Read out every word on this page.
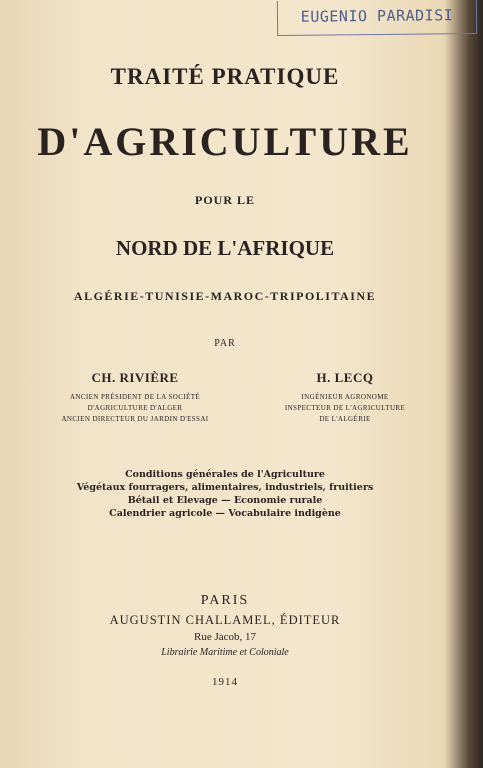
EUGENIO PARADISI
TRAITÉ PRATIQUE
D'AGRICULTURE
POUR LE
NORD DE L'AFRIQUE
ALGÉRIE-TUNISIE-MAROC-TRIPOLITAINE
PAR
CH. RIVIÈRE
ANCIEN PRÉSIDENT DE LA SOCIÉTÉ
D'AGRICULTURE D'ALGER
ANCIEN DIRECTEUR DU JARDIN D'ESSAI
H. LECQ
INGÉNIEUR AGRONOME
INSPECTEUR DE L'AGRICULTURE
DE L'ALGÉRIE
Conditions générales de l'Agriculture
Végétaux fourragers, alimentaires, industriels, fruitiers
Bétail et Elevage — Economie rurale
Calendrier agricole — Vocabulaire indigène
PARIS
AUGUSTIN CHALLAMEL, ÉDITEUR
Rue Jacob, 17
Librairie Maritime et Coloniale
1914
